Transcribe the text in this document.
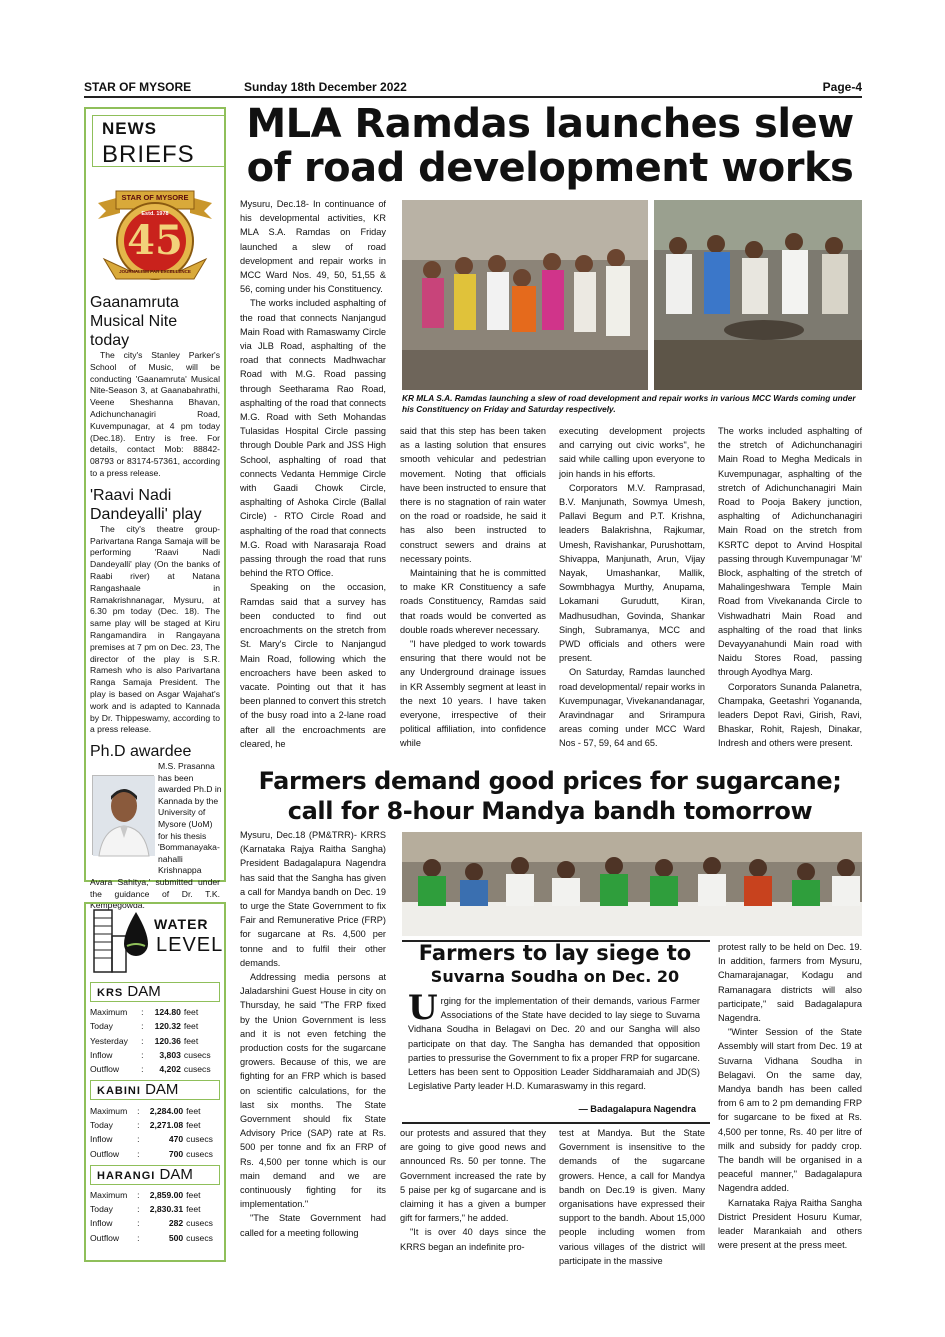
STAR OF MYSORE	Sunday 18th December 2022	Page-4
NEWS
BRIEFS
STAR OF MYSORE
Estd. 1978
45
JOURNALISM PAR EXCELLENCE
Gaanamruta Musical Nite today
The city's Stanley Parker's School of Music, will be conducting 'Gaanamruta' Musical Nite-Season 3, at Gaanabahrathi, Veene Sheshanna Bhavan, Adichunchanagiri Road, Kuvempunagar, at 4 pm today (Dec.18). Entry is free. For details, contact Mob: 88842-08793 or 83174-57361, according to a press release.
'Raavi Nadi Dandeyalli' play
The city's theatre group-Parivartana Ranga Samaja will be performing 'Raavi Nadi Dandeyalli' play (On the banks of Raabi river) at Natana Rangashaale in Ramakrishnanagar, Mysuru, at 6.30 pm today (Dec. 18). The same play will be staged at Kiru Rangamandira in Rangayana premises at 7 pm on Dec. 23, The director of the play is S.R. Ramesh who is also Parivartana Ranga Samaja President. The play is based on Asgar Wajahat's work and is adapted to Kannada by Dr. Thippeswamy, according to a press release.
Ph.D awardee
M.S. Prasanna has been awarded Ph.D in Kannada by the University of Mysore (UoM) for his thesis 'Bommanayaka-nahalli Krishnappa
Avara Sahitya,' submitted under the guidance of Dr. T.K. Kempegowda.
WATER
LEVEL
KRS DAM
Maximum	:	124.80	feet
Today	:	120.32	feet
Yesterday	:	120.36	feet
Inflow	:	3,803	cusecs
Outflow	:	4,202	cusecs
KABINI DAM
Maximum	:	2,284.00	feet
Today	:	2,271.08	feet
Inflow	:	470	cusecs
Outflow	:	700	cusecs
HARANGI DAM
Maximum	:	2,859.00	feet
Today	:	2,830.31	feet
Inflow	:	282	cusecs
Outflow	:	500	cusecs
MLA Ramdas launches slew
of road development works

Mysuru, Dec.18- In continuance of his developmental activities, KR MLA S.A. Ramdas on Friday launched a slew of road development and repair works in MCC Ward Nos. 49, 50, 51,55 & 56, coming under his Constituency.

The works included asphalting of the road that connects Nanjangud Main Road with Ramaswamy Circle via JLB Road, asphalting of the road that connects Madhwachar Road with M.G. Road passing through Seetharama Rao Road, asphalting of the road that connects M.G. Road with Seth Mohandas Tulasidas Hospital Circle passing through Double Park and JSS High School, asphalting of road that connects Vedanta Hemmige Circle with Gaadi Chowk Circle, asphalting of Ashoka Circle (Ballal Circle) - RTO Circle Road and asphalting of the road that connects M.G. Road with Narasaraja Road passing through the road that runs behind the RTO Office.

Speaking on the occasion, Ramdas said that a survey has been conducted to find out encroachments on the stretch from St. Mary's Circle to Nanjangud Main Road, following which the encroachers have been asked to vacate. Pointing out that it has been planned to convert this stretch of the busy road into a 2-lane road after all the encroachments are cleared, he

KR MLA S.A. Ramdas launching a slew of road development and repair works in various MCC Wards coming under his Constituency on Friday and Saturday respectively.

said that this step has been taken as a lasting solution that ensures smooth vehicular and pedestrian movement. Noting that officials have been instructed to ensure that there is no stagnation of rain water on the road or roadside, he said it has also been instructed to construct sewers and drains at necessary points.

Maintaining that he is committed to make KR Constituency a safe roads Constituency, Ramdas said that roads would be converted as double roads wherever necessary.

"I have pledged to work towards ensuring that there would not be any Underground drainage issues in KR Assembly segment at least in the next 10 years. I have taken everyone, irrespective of their political affiliation, into confidence while

executing development projects and carrying out civic works", he said while calling upon everyone to join hands in his efforts.

Corporators M.V. Ramprasad, B.V. Manjunath, Sowmya Umesh, Pallavi Begum and P.T. Krishna, leaders Balakrishna, Rajkumar, Umesh, Ravishankar, Purushottam, Shivappa, Manjunath, Arun, Vijay Nayak, Umashankar, Mallik, Sowmbhagya Murthy, Anupama, Lokamani Gurudutt, Kiran, Madhusudhan, Govinda, Shankar Singh, Subramanya, MCC and PWD officials and others were present.

On Saturday, Ramdas launched road developmental/ repair works in Kuvempunagar, Vivekanandanagar, Aravindnagar and Srirampura areas coming under MCC Ward Nos - 57, 59, 64 and 65.

The works included asphalting of the stretch of Adichunchanagiri Main Road to Megha Medicals in Kuvempunagar, asphalting of the stretch of Adichunchanagiri Main Road to Pooja Bakery junction, asphalting of Adichunchanagiri Main Road on the stretch from KSRTC depot to Arvind Hospital passing through Kuvempunagar 'M' Block, asphalting of the stretch of Mahalingeshwara Temple Main Road from Vivekananda Circle to Vishwadhatri Main Road and asphalting of the road that links Devayyanahundi Main road with Naidu Stores Road, passing through Ayodhya Marg.

Corporators Sunanda Palanetra, Champaka, Geetashri Yogananda, leaders Depot Ravi, Girish, Ravi, Bhaskar, Rohit, Rajesh, Dinakar, Indresh and others were present.

Farmers demand good prices for sugarcane;
call for 8-hour Mandya bandh tomorrow

Mysuru, Dec.18 (PM&TRR)- KRRS (Karnataka Rajya Raitha Sangha) President Badagalapura Nagendra has said that the Sangha has given a call for Mandya bandh on Dec. 19 to urge the State Government to fix Fair and Remunerative Price (FRP) for sugarcane at Rs. 4,500 per tonne and to fulfil their other demands.

Addressing media persons at Jaladarshini Guest House in city on Thursday, he said "The FRP fixed by the Union Government is less and it is not even fetching the production costs for the sugarcane growers. Because of this, we are fighting for an FRP which is based on scientific calculations, for the last six months. The State Government should fix State Advisory Price (SAP) rate at Rs. 500 per tonne and fix an FRP of Rs. 4,500 per tonne which is our main demand and we are continuously fighting for its implementation."

"The State Government had called for a meeting following

Farmers to lay siege to
Suvarna Soudha on Dec. 20
U rging for the implementation of their demands, various Farmer Associations of the State have decided to lay siege to Suvarna Vidhana Soudha in Belagavi on Dec. 20 and our Sangha will also participate on that day. The Sangha has demanded that opposition parties to pressurise the Government to fix a proper FRP for sugarcane. Letters has been sent to Opposition Leader Siddharamaiah and JD(S) Legislative Party leader H.D. Kumaraswamy in this regard.
— Badagalapura Nagendra

our protests and assured that they are going to give good news and announced Rs. 50 per tonne. The Government increased the rate by 5 paise per kg of sugarcane and is claiming it has a given a bumper gift for farmers," he added.

"It is over 40 days since the KRRS began an indefinite pro-

test at Mandya. But the State Government is insensitive to the demands of the sugarcane growers. Hence, a call for Mandya bandh on Dec.19 is given. Many organisations have expressed their support to the bandh. About 15,000 people including women from various villages of the district will participate in the massive

protest rally to be held on Dec. 19. In addition, farmers from Mysuru, Chamarajanagar, Kodagu and Ramanagara districts will also participate," said Badagalapura Nagendra.

"Winter Session of the State Assembly will start from Dec. 19 at Suvarna Vidhana Soudha in Belagavi. On the same day, Mandya bandh has been called from 6 am to 2 pm demanding FRP for sugarcane to be fixed at Rs. 4,500 per tonne, Rs. 40 per litre of milk and subsidy for paddy crop. The bandh will be organised in a peaceful manner," Badagalapura Nagendra added.

Karnataka Rajya Raitha Sangha District President Hosuru Kumar, leader Marankaiah and others were present at the press meet.
